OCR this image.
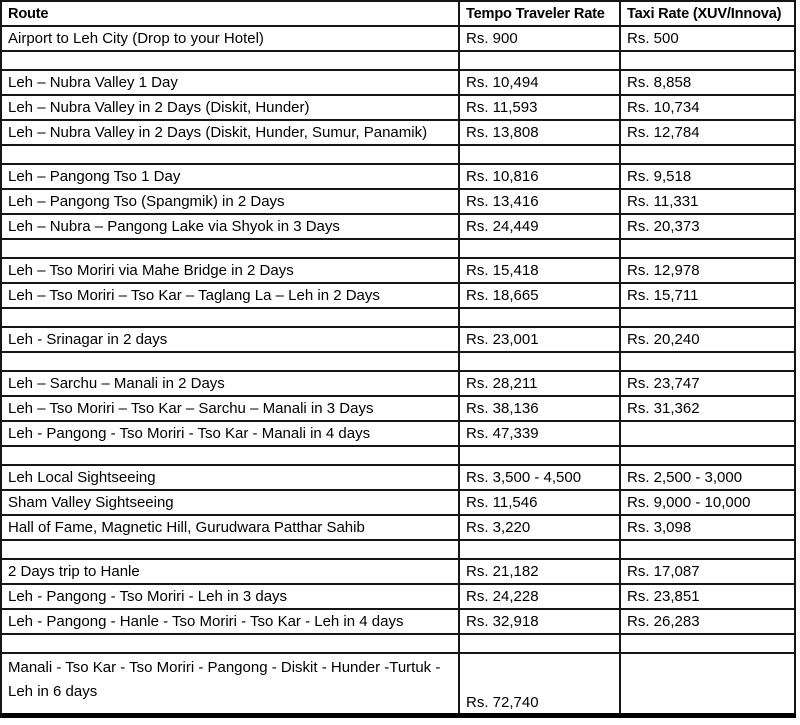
Route	Tempo Traveler Rate	Taxi Rate (XUV/Innova)
Airport to Leh City (Drop to your Hotel)	Rs. 900	Rs. 500

Leh – Nubra Valley 1 Day	Rs. 10,494	Rs. 8,858
Leh – Nubra Valley in 2 Days (Diskit, Hunder)	Rs. 11,593	Rs. 10,734
Leh – Nubra Valley in 2 Days (Diskit, Hunder, Sumur, Panamik)	Rs. 13,808	Rs. 12,784

Leh – Pangong Tso 1 Day	Rs. 10,816	Rs. 9,518
Leh – Pangong Tso (Spangmik) in 2 Days	Rs. 13,416	Rs. 11,331
Leh – Nubra – Pangong Lake via Shyok in 3 Days	Rs. 24,449	Rs. 20,373

Leh – Tso Moriri via Mahe Bridge in 2 Days	Rs. 15,418	Rs. 12,978
Leh – Tso Moriri – Tso Kar – Taglang La – Leh in 2 Days	Rs. 18,665	Rs. 15,711

Leh - Srinagar in 2 days	Rs. 23,001	Rs. 20,240

Leh – Sarchu – Manali in 2 Days	Rs. 28,211	Rs. 23,747
Leh – Tso Moriri – Tso Kar – Sarchu – Manali in 3 Days	Rs. 38,136	Rs. 31,362
Leh - Pangong - Tso Moriri - Tso Kar - Manali in 4 days	Rs. 47,339	

Leh Local Sightseeing	Rs. 3,500 - 4,500	Rs. 2,500 - 3,000
Sham Valley Sightseeing	Rs. 11,546	Rs. 9,000 - 10,000
Hall of Fame, Magnetic Hill, Gurudwara Patthar Sahib	Rs. 3,220	Rs. 3,098

2 Days trip to Hanle	Rs. 21,182	Rs. 17,087
Leh - Pangong - Tso Moriri - Leh in 3 days	Rs. 24,228	Rs. 23,851
Leh - Pangong - Hanle - Tso Moriri - Tso Kar - Leh in 4 days	Rs. 32,918	Rs. 26,283

Manali - Tso Kar - Tso Moriri - Pangong - Diskit - Hunder -Turtuk - Leh in 6 days	Rs. 72,740	
